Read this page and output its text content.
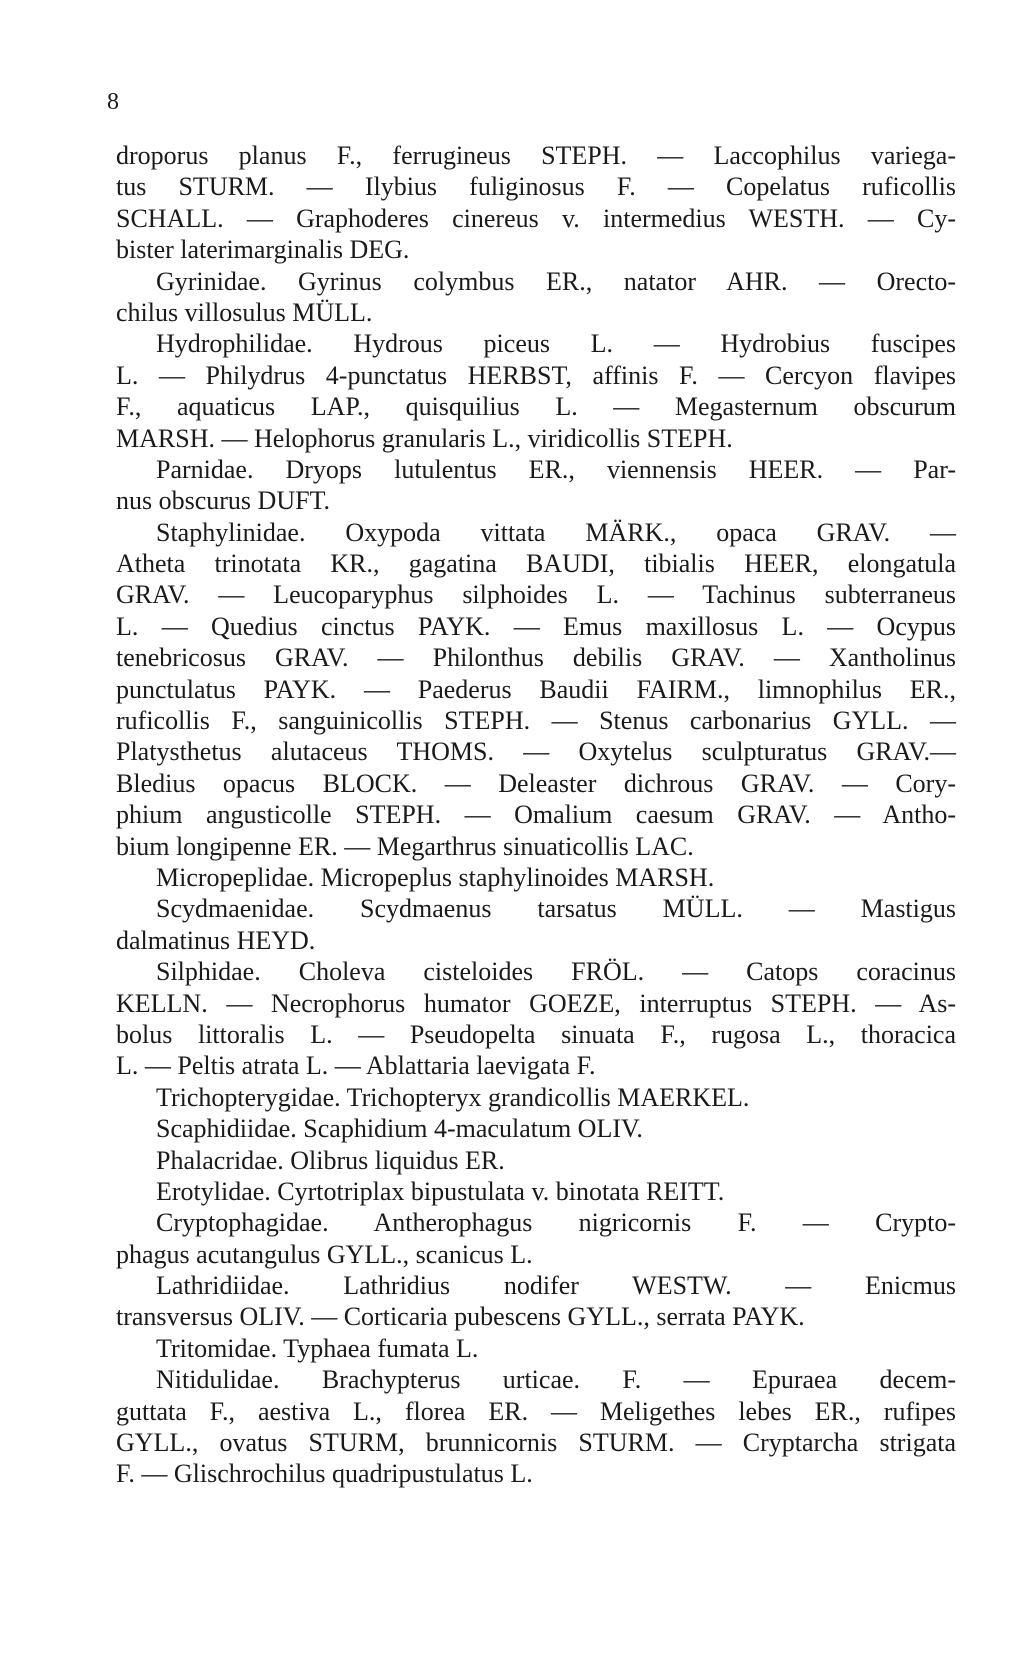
8
droporus planus F., ferrugineus STEPH. — Laccophilus variega-
tus STURM. — Ilybius fuliginosus F. — Copelatus ruficollis
SCHALL. — Graphoderes cinereus v. intermedius WESTH. — Cy-
bister laterimarginalis DEG.
Gyrinidae. Gyrinus colymbus ER., natator AHR. — Orecto-
chilus villosulus MÜLL.
Hydrophilidae. Hydrous piceus L. — Hydrobius fuscipes
L. — Philydrus 4-punctatus HERBST, affinis F. — Cercyon flavipes
F., aquaticus LAP., quisquilius L. — Megasternum obscurum
MARSH. — Helophorus granularis L., viridicollis STEPH.
Parnidae. Dryops lutulentus ER., viennensis HEER. — Par-
nus obscurus DUFT.
Staphylinidae. Oxypoda vittata MÄRK., opaca GRAV. —
Atheta trinotata KR., gagatina BAUDI, tibialis HEER, elongatula
GRAV. — Leucoparyphus silphoides L. — Tachinus subterraneus
L. — Quedius cinctus PAYK. — Emus maxillosus L. — Ocypus
tenebricosus GRAV. — Philonthus debilis GRAV. — Xantholinus
punctulatus PAYK. — Paederus Baudii FAIRM., limnophilus ER.,
ruficollis F., sanguinicollis STEPH. — Stenus carbonarius GYLL. —
Platysthetus alutaceus THOMS. — Oxytelus sculpturatus GRAV.—
Bledius opacus BLOCK. — Deleaster dichrous GRAV. — Cory-
phium angusticolle STEPH. — Omalium caesum GRAV. — Antho-
bium longipenne ER. — Megarthrus sinuaticollis LAC.
Micropeplidae. Micropeplus staphylinoides MARSH.
Scydmaenidae. Scydmaenus tarsatus MÜLL. — Mastigus
dalmatinus HEYD.
Silphidae. Choleva cisteloides FRÖL. — Catops coracinus
KELLN. — Necrophorus humator GOEZE, interruptus STEPH. — As-
bolus littoralis L. — Pseudopelta sinuata F., rugosa L., thoracica
L. — Peltis atrata L. — Ablattaria laevigata F.
Trichopterygidae. Trichopteryx grandicollis MAERKEL.
Scaphidiidae. Scaphidium 4-maculatum OLIV.
Phalacridae. Olibrus liquidus ER.
Erotylidae. Cyrtotriplax bipustulata v. binotata REITT.
Cryptophagidae. Antherophagus nigricornis F. — Crypto-
phagus acutangulus GYLL., scanicus L.
Lathridiidae. Lathridius nodifer WESTW. — Enicmus
transversus OLIV. — Corticaria pubescens GYLL., serrata PAYK.
Tritomidae. Typhaea fumata L.
Nitidulidae. Brachypterus urticae. F. — Epuraea decem-
guttata F., aestiva L., florea ER. — Meligethes lebes ER., rufipes
GYLL., ovatus STURM, brunnicornis STURM. — Cryptarcha strigata
F. — Glischrochilus quadripustulatus L.
